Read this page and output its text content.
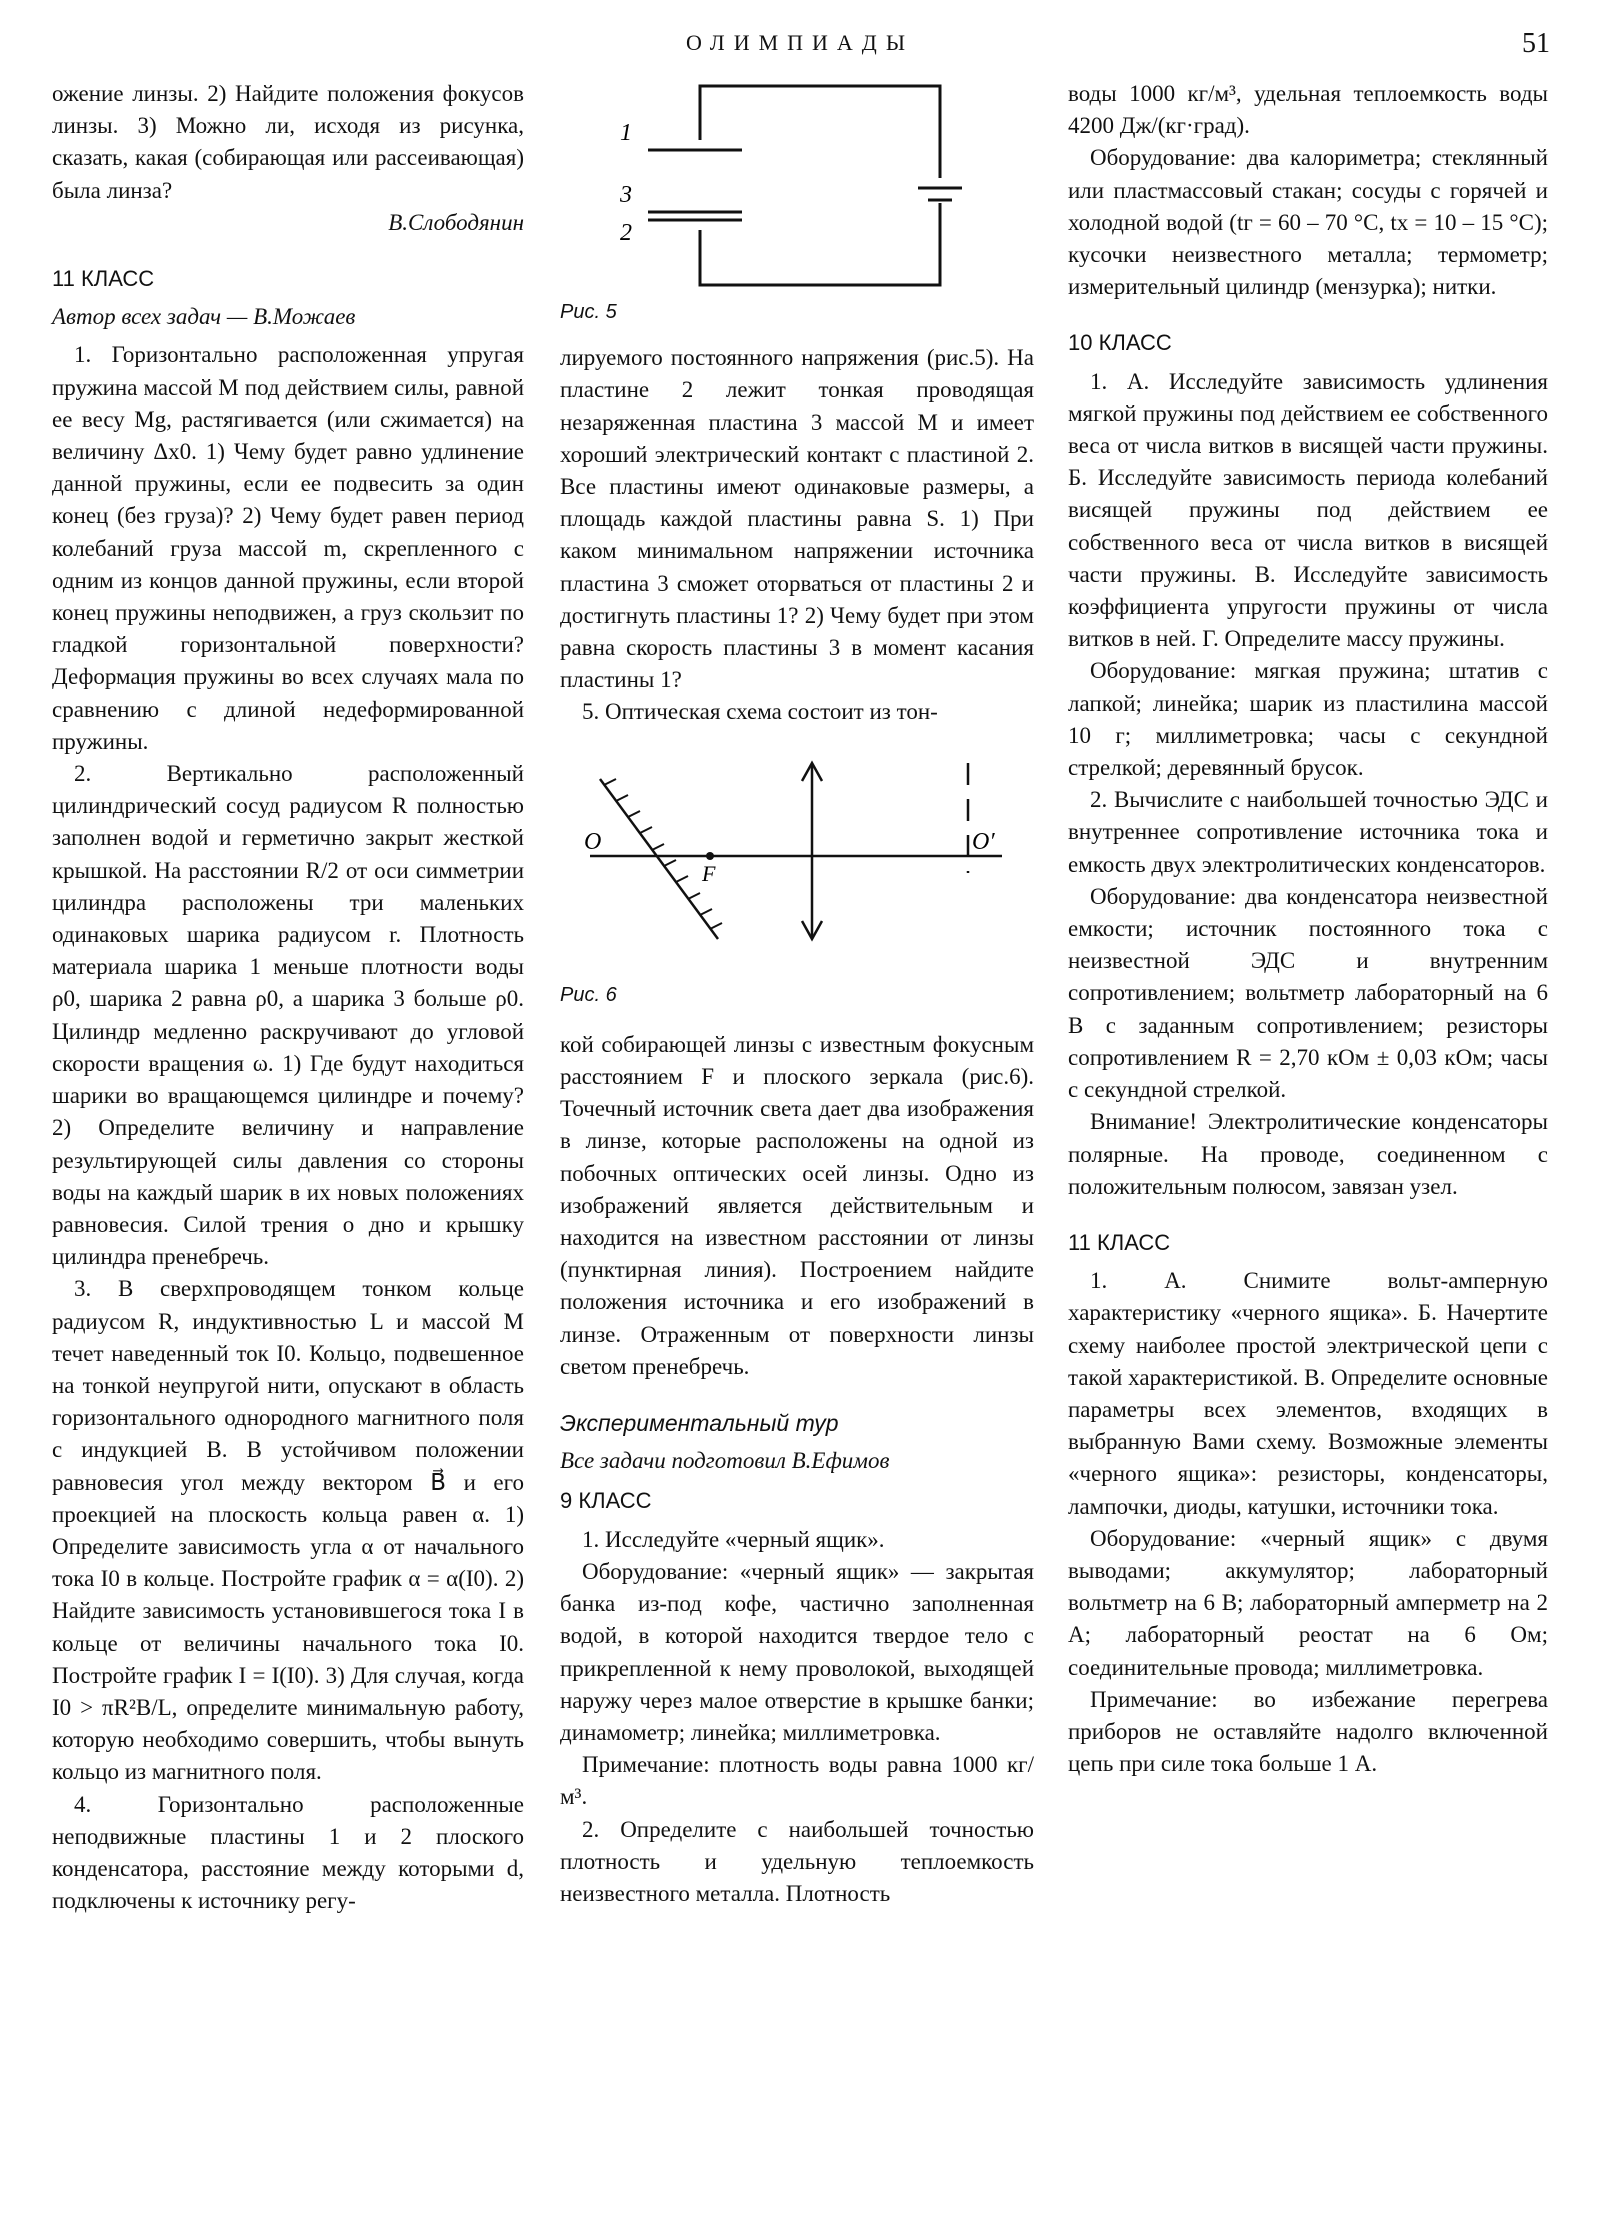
ОЛИМПИАДЫ	51

ожение линзы. 2) Найдите положения фокусов линзы. 3) Можно ли, исходя из рисунка, сказать, какая (собирающая или рассеивающая) была линза?

В.Слободянин

11 КЛАСС

Автор всех задач — В.Можаев

1. Горизонтально расположенная упругая пружина массой M под действием силы, равной ее весу Mg, растягивается (или сжимается) на величину Δx0. 1) Чему будет равно удлинение данной пружины, если ее подвесить за один конец (без груза)? 2) Чему будет равен период колебаний груза массой m, скрепленного с одним из концов данной пружины, если второй конец пружины неподвижен, а груз скользит по гладкой горизонтальной поверхности? Деформация пружины во всех случаях мала по сравнению с длиной недеформированной пружины.

2. Вертикально расположенный цилиндрический сосуд радиусом R полностью заполнен водой и герметично закрыт жесткой крышкой. На расстоянии R/2 от оси симметрии цилиндра расположены три маленьких одинаковых шарика радиусом r. Плотность материала шарика 1 меньше плотности воды ρ0, шарика 2 равна ρ0, а шарика 3 больше ρ0. Цилиндр медленно раскручивают до угловой скорости вращения ω. 1) Где будут находиться шарики во вращающемся цилиндре и почему? 2) Определите величину и направление результирующей силы давления со стороны воды на каждый шарик в их новых положениях равновесия. Силой трения о дно и крышку цилиндра пренебречь.

3. В сверхпроводящем тонком кольце радиусом R, индуктивностью L и массой M течет наведенный ток I0. Кольцо, подвешенное на тонкой неупругой нити, опускают в область горизонтального однородного магнитного поля с индукцией B. В устойчивом положении равновесия угол между вектором B⃗ и его проекцией на плоскость кольца равен α. 1) Определите зависимость угла α от начального тока I0 в кольце. Постройте график α = α(I0). 2) Найдите зависимость установившегося тока I в кольце от величины начального тока I0. Постройте график I = I(I0). 3) Для случая, когда I0 > πR²B/L, определите минимальную работу, которую необходимо совершить, чтобы вынуть кольцо из магнитного поля.

4. Горизонтально расположенные неподвижные пластины 1 и 2 плоского конденсатора, расстояние между которыми d, подключены к источнику регу-

1
3
2

Рис. 5

лируемого постоянного напряжения (рис.5). На пластине 2 лежит тонкая проводящая незаряженная пластина 3 массой M и имеет хороший электрический контакт с пластиной 2. Все пластины имеют одинаковые размеры, а площадь каждой пластины равна S. 1) При каком минимальном напряжении источника пластина 3 сможет оторваться от пластины 2 и достигнуть пластины 1? 2) Чему будет при этом равна скорость пластины 3 в момент касания пластины 1?

5. Оптическая схема состоит из тон-

O
F
O′

Рис. 6

кой собирающей линзы с известным фокусным расстоянием F и плоского зеркала (рис.6). Точечный источник света дает два изображения в линзе, которые расположены на одной из побочных оптических осей линзы. Одно из изображений является действительным и находится на известном расстоянии от линзы (пунктирная линия). Построением найдите положения источника и его изображений в линзе. Отраженным от поверхности линзы светом пренебречь.

Экспериментальный тур

Все задачи подготовил В.Ефимов

9 КЛАСС

1. Исследуйте «черный ящик».

Оборудование: «черный ящик» — закрытая банка из-под кофе, частично заполненная водой, в которой находится твердое тело с прикрепленной к нему проволокой, выходящей наружу через малое отверстие в крышке банки; динамометр; линейка; миллиметровка.

Примечание: плотность воды равна 1000 кг/м³.

2. Определите с наибольшей точностью плотность и удельную теплоемкость неизвестного металла. Плотность

воды 1000 кг/м³, удельная теплоемкость воды 4200 Дж/(кг·град).

Оборудование: два калориметра; стеклянный или пластмассовый стакан; сосуды с горячей и холодной водой (tг = 60 – 70 °C, tх = 10 – 15 °C); кусочки неизвестного металла; термометр; измерительный цилиндр (мензурка); нитки.

10 КЛАСС

1. А. Исследуйте зависимость удлинения мягкой пружины под действием ее собственного веса от числа витков в висящей части пружины. Б. Исследуйте зависимость периода колебаний висящей пружины под действием ее собственного веса от числа витков в висящей части пружины. В. Исследуйте зависимость коэффициента упругости пружины от числа витков в ней. Г. Определите массу пружины.

Оборудование: мягкая пружина; штатив с лапкой; линейка; шарик из пластилина массой 10 г; миллиметровка; часы с секундной стрелкой; деревянный брусок.

2. Вычислите с наибольшей точностью ЭДС и внутреннее сопротивление источника тока и емкость двух электролитических конденсаторов.

Оборудование: два конденсатора неизвестной емкости; источник постоянного тока с неизвестной ЭДС и внутренним сопротивлением; вольтметр лабораторный на 6 В с заданным сопротивлением; резисторы сопротивлением R = 2,70 кОм ± 0,03 кОм; часы с секундной стрелкой.

Внимание! Электролитические конденсаторы полярные. На проводе, соединенном с положительным полюсом, завязан узел.

11 КЛАСС

1. А. Снимите вольт-амперную характеристику «черного ящика». Б. Начертите схему наиболее простой электрической цепи с такой характеристикой. В. Определите основные параметры всех элементов, входящих в выбранную Вами схему. Возможные элементы «черного ящика»: резисторы, конденсаторы, лампочки, диоды, катушки, источники тока.

Оборудование: «черный ящик» с двумя выводами; аккумулятор; лабораторный вольтметр на 6 В; лабораторный амперметр на 2 А; лабораторный реостат на 6 Ом; соединительные провода; миллиметровка.

Примечание: во избежание перегрева приборов не оставляйте надолго включенной цепь при силе тока больше 1 А.
